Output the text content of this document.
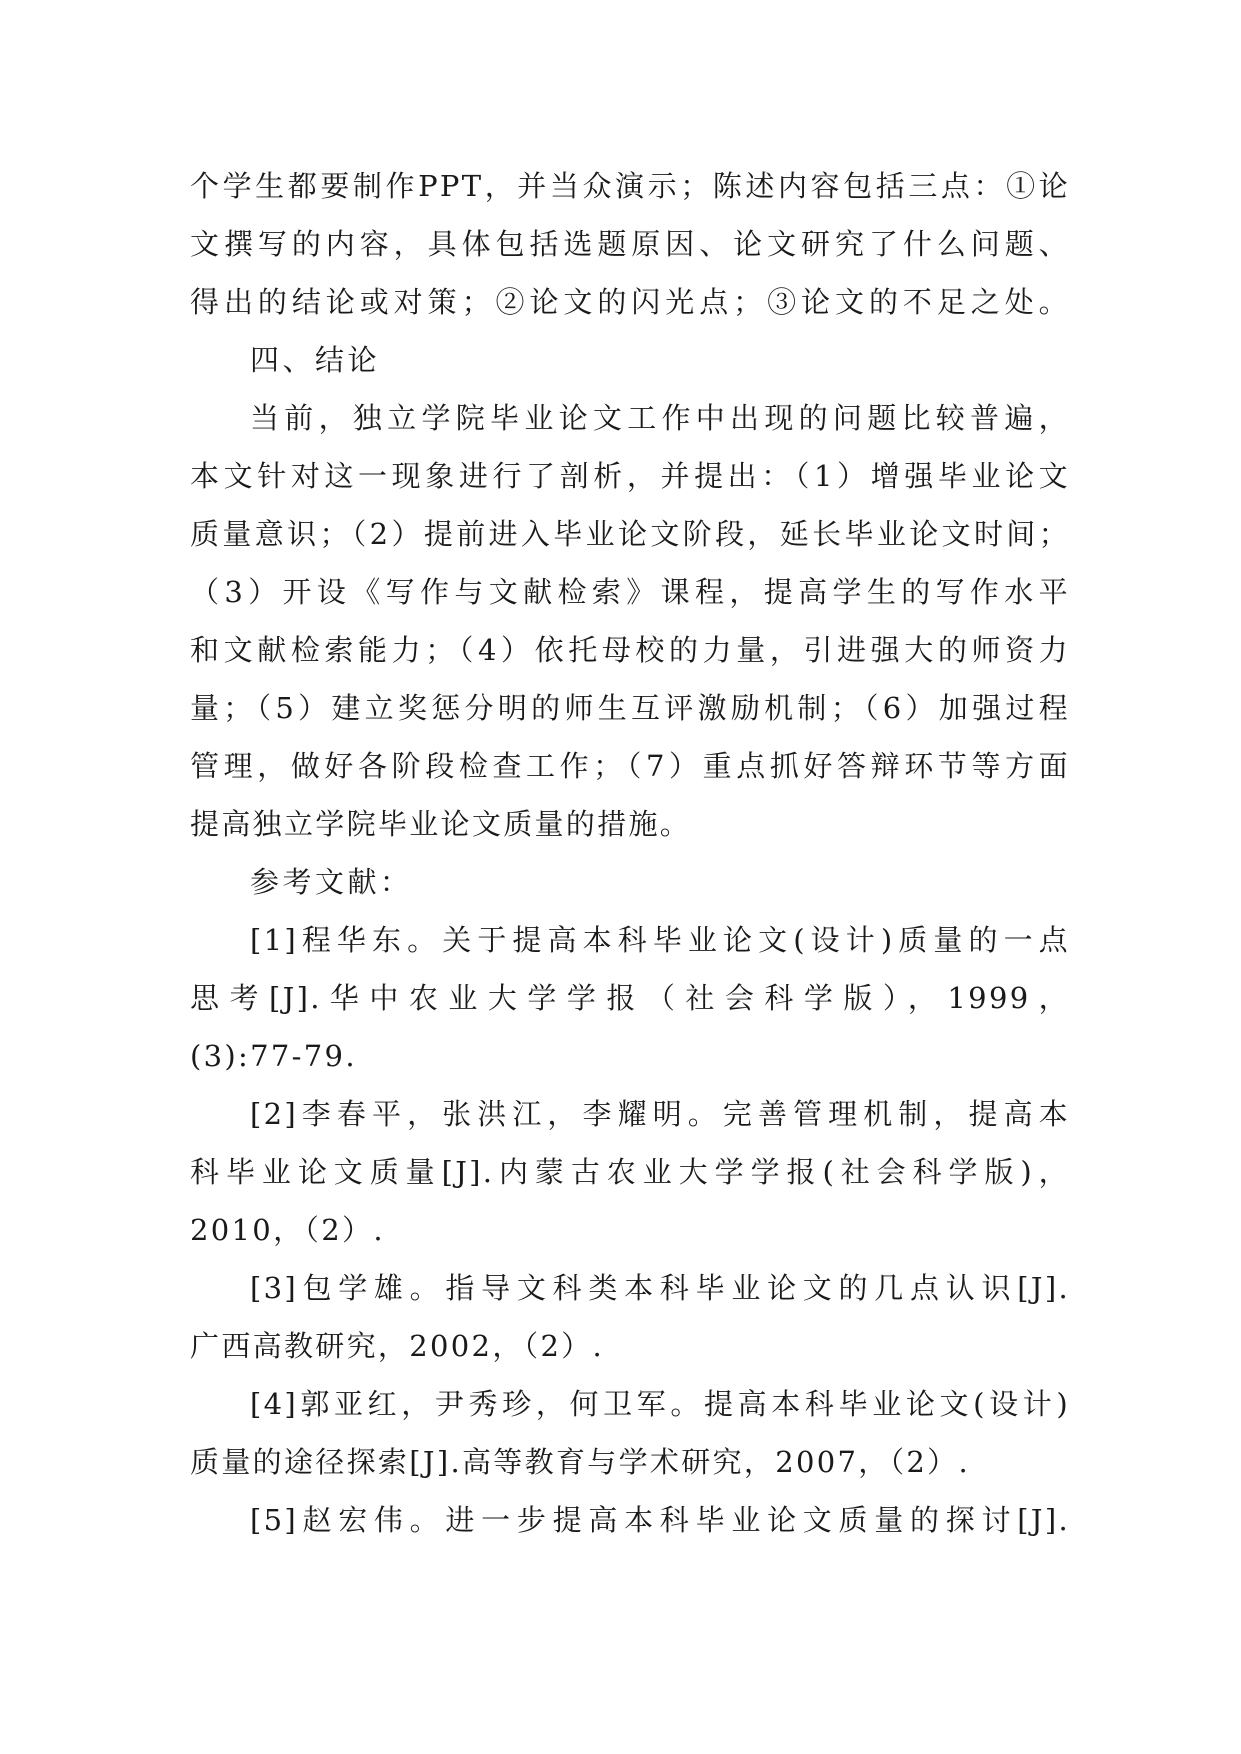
个学生都要制作PPT，并当众演示；陈述内容包括三点：①论
文撰写的内容，具体包括选题原因、论文研究了什么问题、
得出的结论或对策；②论文的闪光点；③论文的不足之处。
四、结论
当前，独立学院毕业论文工作中出现的问题比较普遍，
本文针对这一现象进行了剖析，并提出：（1）增强毕业论文
质量意识；（2）提前进入毕业论文阶段，延长毕业论文时间；
（3）开设《写作与文献检索》课程，提高学生的写作水平
和文献检索能力；（4）依托母校的力量，引进强大的师资力
量；（5）建立奖惩分明的师生互评激励机制；（6）加强过程
管理，做好各阶段检查工作；（7）重点抓好答辩环节等方面
提高独立学院毕业论文质量的措施。
参考文献：
[1]程华东。关于提高本科毕业论文(设计)质量的一点
思考[J].华中农业大学学报（社会科学版），1999，
(3):77-79.
[2]李春平，张洪江，李耀明。完善管理机制，提高本
科毕业论文质量[J].内蒙古农业大学学报(社会科学版)，
2010，（2）.
[3]包学雄。指导文科类本科毕业论文的几点认识[J].
广西高教研究，2002，（2）.
[4]郭亚红，尹秀珍，何卫军。提高本科毕业论文(设计)
质量的途径探索[J].高等教育与学术研究，2007，（2）.
[5]赵宏伟。进一步提高本科毕业论文质量的探讨[J].
